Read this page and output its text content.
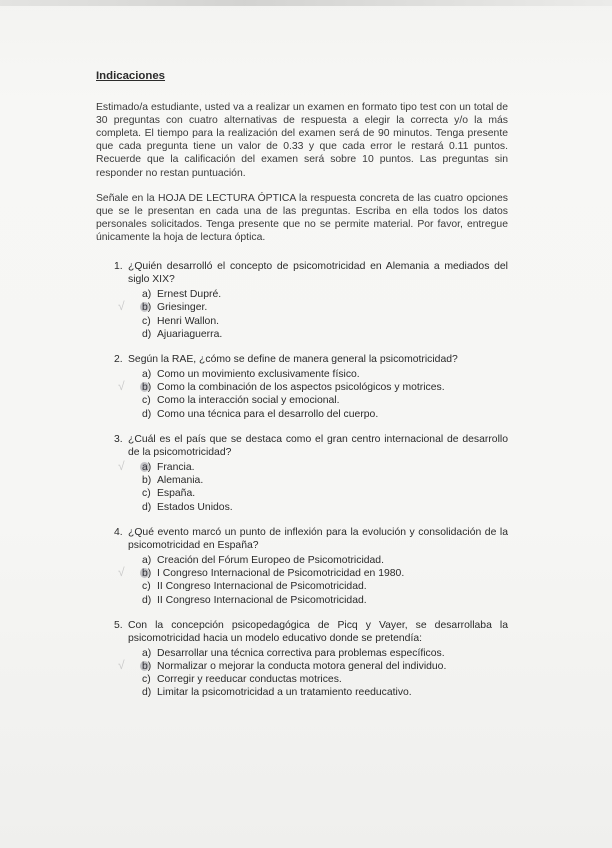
Indicaciones

Estimado/a estudiante, usted va a realizar un examen en formato tipo test con un total de 30 preguntas con cuatro alternativas de respuesta a elegir la correcta y/o la más completa. El tiempo para la realización del examen será de 90 minutos. Tenga presente que cada pregunta tiene un valor de 0.33 y que cada error le restará 0.11 puntos. Recuerde que la calificación del examen será sobre 10 puntos. Las preguntas sin responder no restan puntuación.

Señale en la HOJA DE LECTURA ÓPTICA la respuesta concreta de las cuatro opciones que se le presentan en cada una de las preguntas. Escriba en ella todos los datos personales solicitados. Tenga presente que no se permite material. Por favor, entregue únicamente la hoja de lectura óptica.

1. ¿Quién desarrolló el concepto de psicomotricidad en Alemania a mediados del siglo XIX?
a) Ernest Dupré.
√ b) Griesinger.
c) Henri Wallon.
d) Ajuariaguerra.
2. Según la RAE, ¿cómo se define de manera general la psicomotricidad?
a) Como un movimiento exclusivamente físico.
√ b) Como la combinación de los aspectos psicológicos y motrices.
c) Como la interacción social y emocional.
d) Como una técnica para el desarrollo del cuerpo.
3. ¿Cuál es el país que se destaca como el gran centro internacional de desarrollo de la psicomotricidad?
√ a) Francia.
b) Alemania.
c) España.
d) Estados Unidos.
4. ¿Qué evento marcó un punto de inflexión para la evolución y consolidación de la psicomotricidad en España?
a) Creación del Fórum Europeo de Psicomotricidad.
√ b) I Congreso Internacional de Psicomotricidad en 1980.
c) II Congreso Internacional de Psicomotricidad.
d) II Congreso Internacional de Psicomotricidad.
5. Con la concepción psicopedagógica de Picq y Vayer, se desarrollaba la psicomotricidad hacia un modelo educativo donde se pretendía:
a) Desarrollar una técnica correctiva para problemas específicos.
√ b) Normalizar o mejorar la conducta motora general del individuo.
c) Corregir y reeducar conductas motrices.
d) Limitar la psicomotricidad a un tratamiento reeducativo.
